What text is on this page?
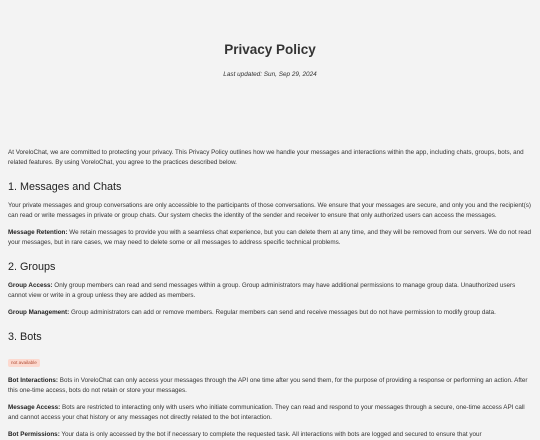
Privacy Policy
Last updated: Sun, Sep 29, 2024

At VoreloChat, we are committed to protecting your privacy. This Privacy Policy outlines how we handle your messages and interactions within the app, including chats, groups, bots, and related features. By using VoreloChat, you agree to the practices described below.

1. Messages and Chats

Your private messages and group conversations are only accessible to the participants of those conversations. We ensure that your messages are secure, and only you and the recipient(s) can read or write messages in private or group chats. Our system checks the identity of the sender and receiver to ensure that only authorized users can access the messages.

Message Retention: We retain messages to provide you with a seamless chat experience, but you can delete them at any time, and they will be removed from our servers. We do not read your messages, but in rare cases, we may need to delete some or all messages to address specific technical problems.

2. Groups

Group Access: Only group members can read and send messages within a group. Group administrators may have additional permissions to manage group data. Unauthorized users cannot view or write in a group unless they are added as members.

Group Management: Group administrators can add or remove members. Regular members can send and receive messages but do not have permission to modify group data.

3. Bots
not available

Bot Interactions: Bots in VoreloChat can only access your messages through the API one time after you send them, for the purpose of providing a response or performing an action. After this one-time access, bots do not retain or store your messages.

Message Access: Bots are restricted to interacting only with users who initiate communication. They can read and respond to your messages through a secure, one-time access API call and cannot access your chat history or any messages not directly related to the bot interaction.

Bot Permissions: Your data is only accessed by the bot if necessary to complete the requested task. All interactions with bots are logged and secured to ensure that your
